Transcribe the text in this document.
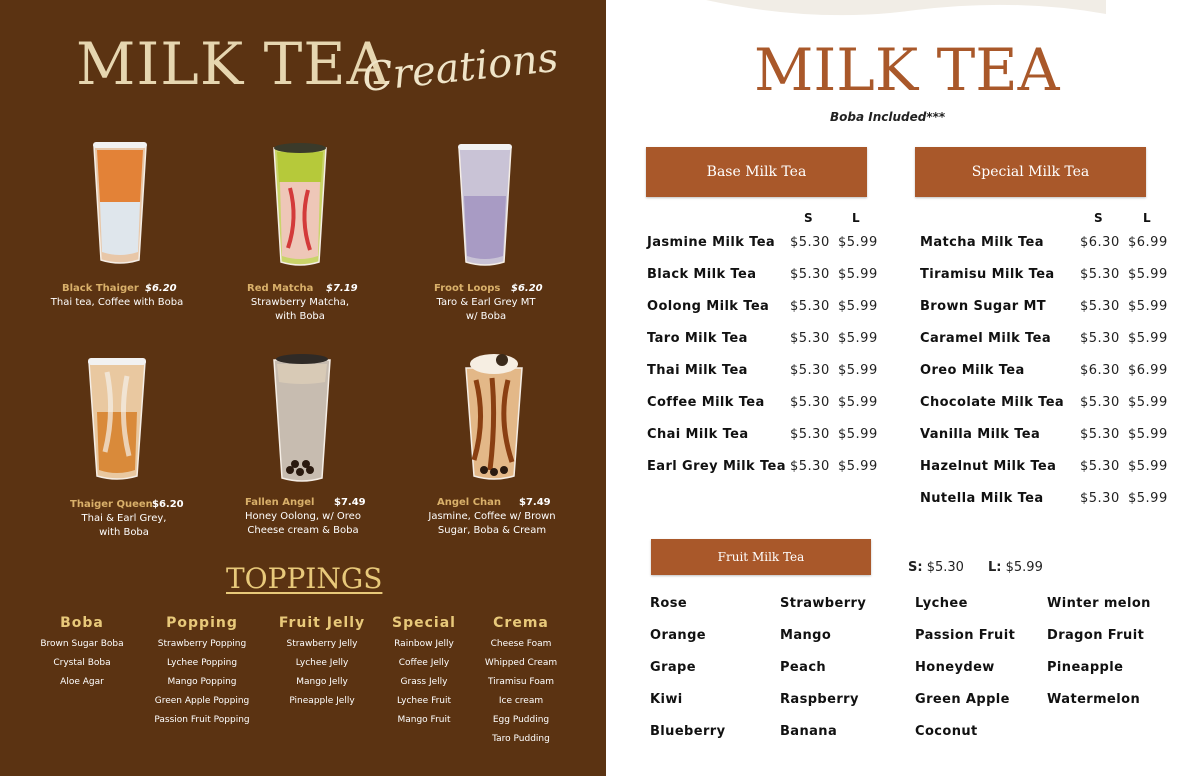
MILK TEA
Creations
Black Thaiger $6.20
Thai tea, Coffee with Boba
Red Matcha $7.19
Strawberry Matcha,
with Boba
Froot Loops $6.20
Taro & Earl Grey MT
w/ Boba
Thaiger Queen $6.20
Thai & Earl Grey,
with Boba
Fallen Angel $7.49
Honey Oolong, w/ Oreo
Cheese cream & Boba
Angel Chan $7.49
Jasmine, Coffee w/ Brown
Sugar, Boba & Cream
TOPPINGS
Boba
Brown Sugar Boba
Crystal Boba
Aloe Agar
Popping
Strawberry Popping
Lychee Popping
Mango Popping
Green Apple Popping
Passion Fruit Popping
Fruit Jelly
Strawberry Jelly
Lychee Jelly
Mango Jelly
Pineapple Jelly
Special
Rainbow Jelly
Coffee Jelly
Grass Jelly
Lychee Fruit
Mango Fruit
Crema
Cheese Foam
Whipped Cream
Tiramisu Foam
Ice cream
Egg Pudding
Taro Pudding
MILK TEA
Boba Included***
Base Milk Tea	Special Milk Tea
S	L	S	L
Jasmine Milk Tea $5.30 $5.99
Black Milk Tea	$5.30 $5.99
Oolong Milk Tea $5.30 $5.99
Taro Milk Tea	$5.30 $5.99
Thai Milk Tea	$5.30 $5.99
Coffee Milk Tea $5.30 $5.99
Chai Milk Tea	$5.30 $5.99
Earl Grey Milk Tea $5.30 $5.99
Matcha Milk Tea	$6.30 $6.99
Tiramisu Milk Tea $5.30 $5.99
Brown Sugar MT	$5.30 $5.99
Caramel Milk Tea $5.30 $5.99
Oreo Milk Tea	$6.30 $6.99
Chocolate Milk Tea $5.30 $5.99
Vanilla Milk Tea	$5.30 $5.99
Hazelnut Milk Tea $5.30 $5.99
Nutella Milk Tea	$5.30 $5.99
Fruit Milk Tea
S: $5.30 L: $5.99
Rose
Orange
Grape
Kiwi
Blueberry
Strawberry
Mango
Peach
Raspberry
Banana
Lychee
Passion Fruit
Honeydew
Green Apple
Coconut
Winter melon
Dragon Fruit
Pineapple
Watermelon
